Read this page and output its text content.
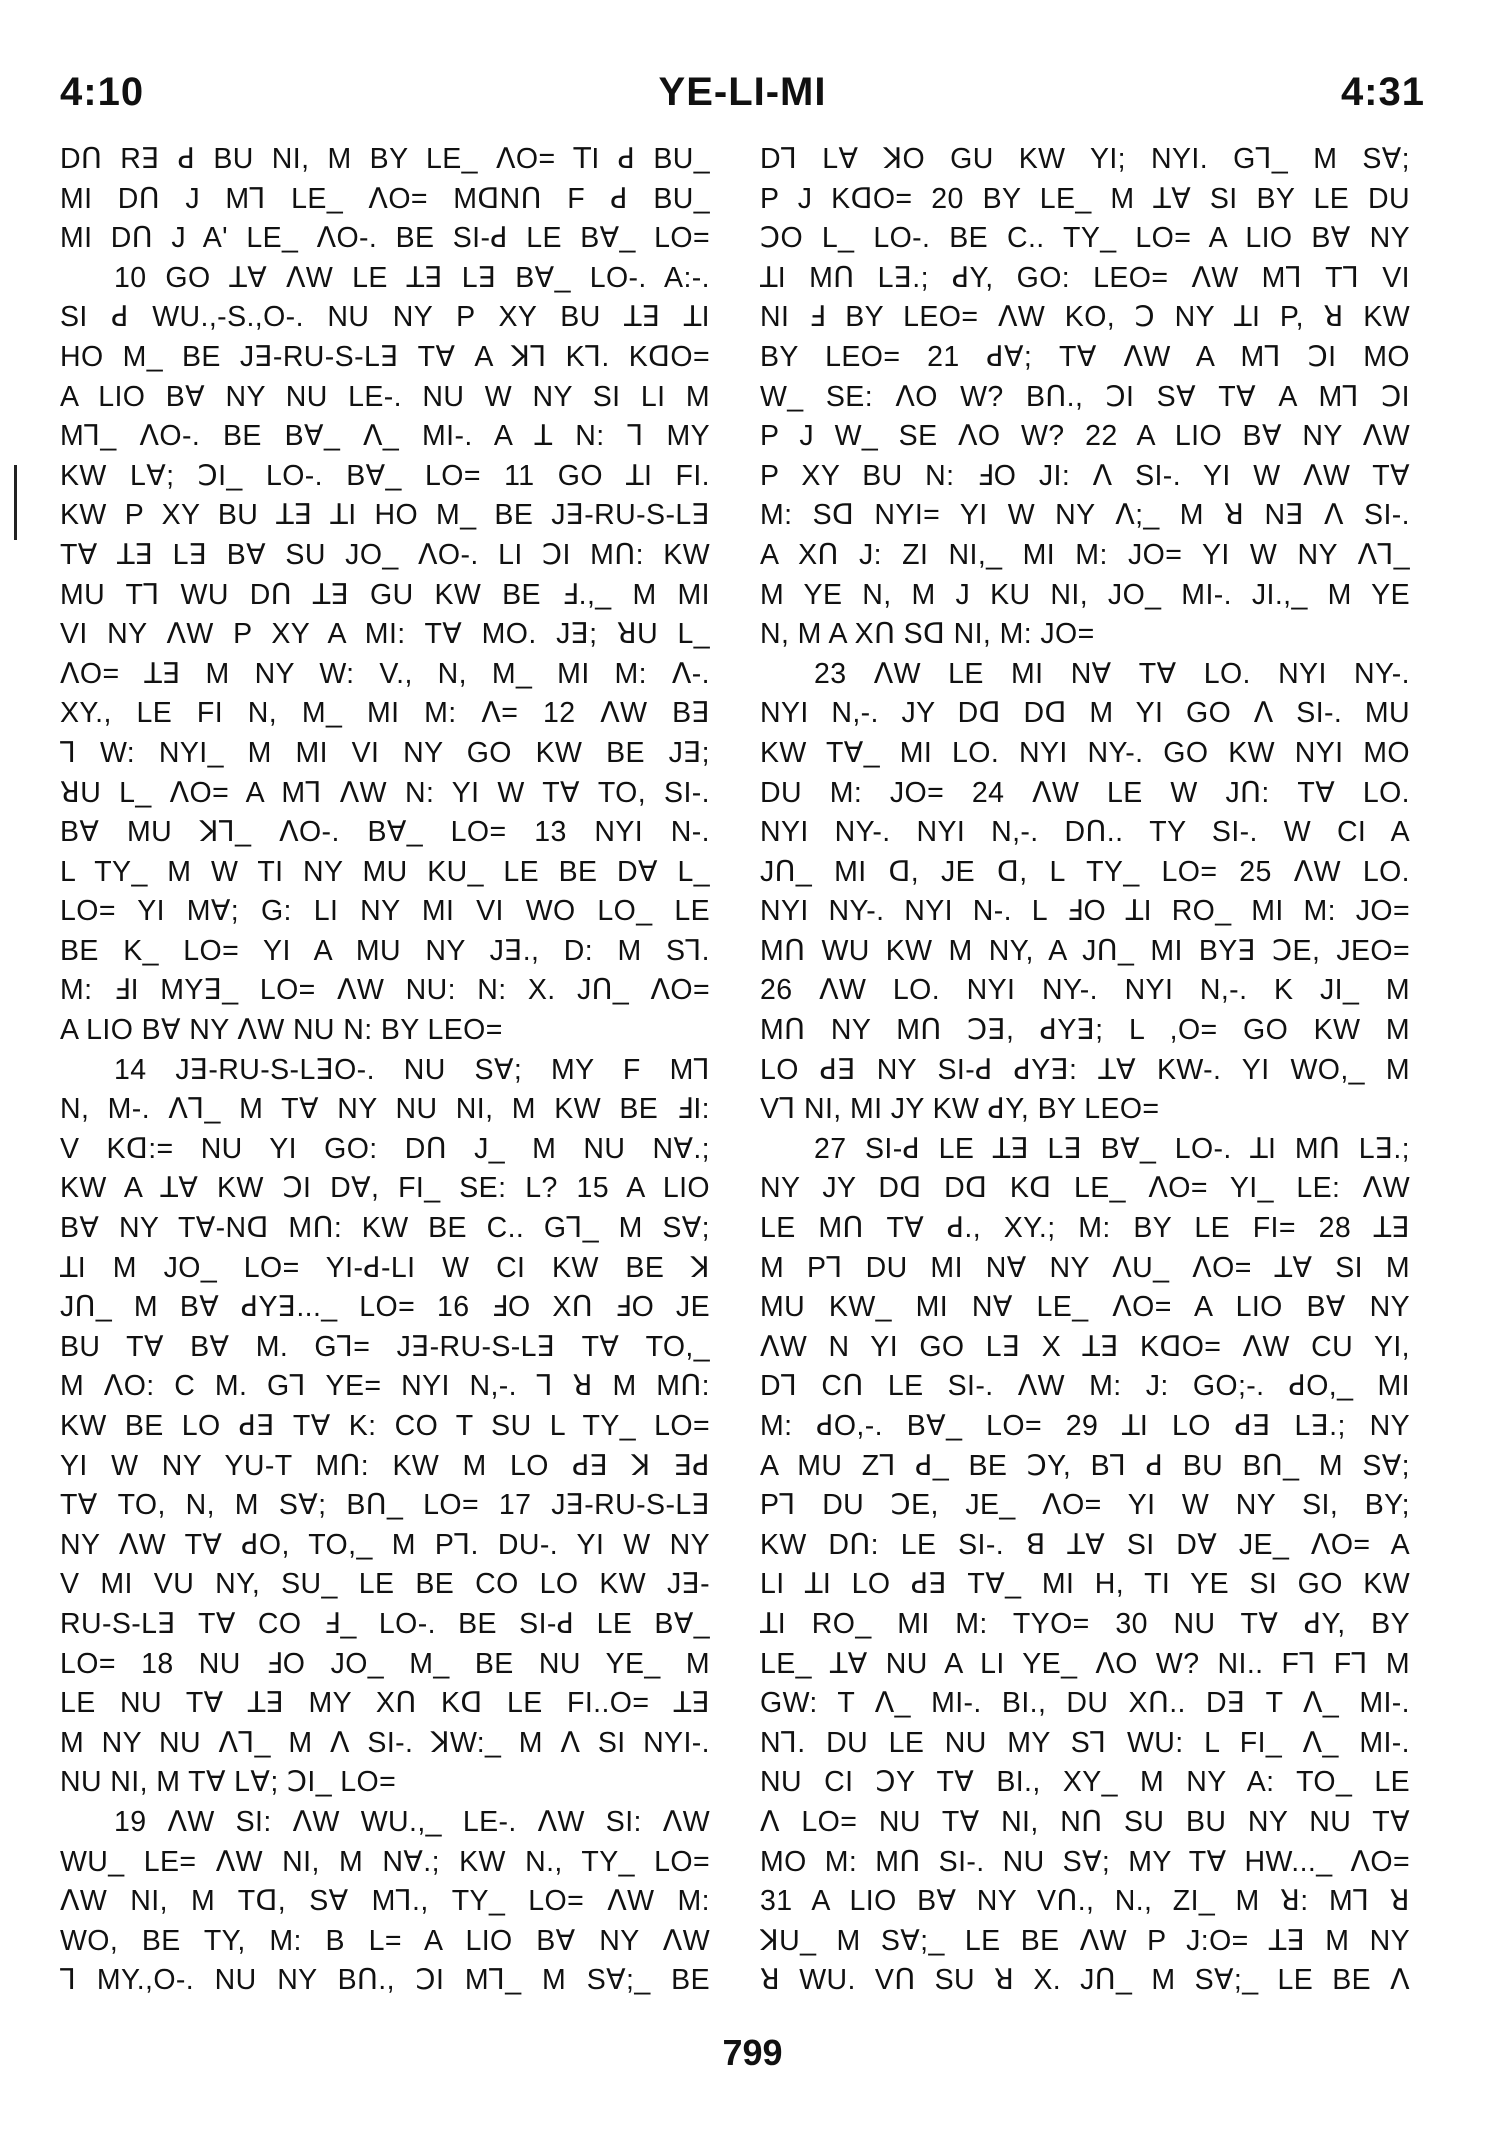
4:10	YE-LI-MI	4:31
Dꓵ Rꓱ ꓒ BU NI, M BY LE_ ꓥO= ꓔI ꓒ BU_
MI Dꓵ J Mꓶ LE_ ꓥO= MꓷNꓵ F ꓒ BU_
MI Dꓵ J A' LE_ ꓥO-. BE SI-ꓒ LE Bꓯ_ LO=
10 GO ꓕꓯ ꓥW LE ꓕꓱ Lꓱ Bꓯ_ LO-. A:-.
SI ꓒ WU.,-S.,O-. NU NY P XY BU ꓕꓱ ꓕI
HO M_ BE Jꓱ-RU-S-Lꓱ Tꓯ A ꓘꓶ Kꓶ. KꓷO=
A LIO Bꓯ NY NU LE-. NU W NY SI LI M
Mꓶ_ ꓥO-. BE Bꓯ_ ꓥ_ MI-. A ꓕ N: ꓶ MY
KW Lꓯ; ꓛI_ LO-. Bꓯ_ LO= 11 GO ꓕI FI.
KW P XY BU ꓕꓱ ꓕI HO M_ BE Jꓱ-RU-S-Lꓱ
Tꓯ ꓕꓱ Lꓱ Bꓯ SU JO_ ꓥO-. LI ꓛI Mꓵ: KW
MU Tꓶ WU Dꓵ ꓕꓱ GU KW BE ꓞ.,_ M MI
VI NY ꓥW P XY A MI: Tꓯ MO. Jꓱ; ꓤU L_
ꓥO= ꓕꓱ M NY W: V., N, M_ MI M: ꓥ-.
XY., LE FI N, M_ MI M: ꓥ= 12 ꓥW Bꓱ
ꓶ W: NYI_ M MI VI NY GO KW BE Jꓱ;
ꓤU L_ ꓥO= A Mꓶ ꓥW N: YI W Tꓯ TO, SI-.
Bꓯ MU ꓘꓶ_ ꓥO-. Bꓯ_ LO= 13 NYI N-.
L TY_ M W TI NY MU KU_ LE BE Dꓯ L_
LO= YI Mꓯ; G: LI NY MI VI WO LO_ LE
BE K_ LO= YI A MU NY Jꓱ., D: M Sꓶ.
M: ꓞI MYꓱ_ LO= ꓥW NU: N: X. Jꓵ_ ꓥO=
A LIO Bꓯ NY ꓥW NU N: BY LEO=
14 Jꓱ-RU-S-LꓱO-. NU Sꓯ; MY F Mꓶ
N, M-. ꓥꓶ_ M Tꓯ NY NU NI, M KW BE ꓞI:
V Kꓷ:= NU YI GO: Dꓵ J_ M NU Nꓯ.;
KW A ꓕꓯ KW ꓛI Dꓯ, FI_ SE: L? 15 A LIO
Bꓯ NY Tꓯ-Nꓷ Mꓵ: KW BE C.. Gꓶ_ M Sꓯ;
ꓕI M JO_ LO= YI-ꓒ-LI W CI KW BE ꓘ
Jꓵ_ M Bꓯ ꓒYꓱ..._ LO= 16 ꓞO Xꓵ ꓞO JE
BU Tꓯ Bꓯ M. Gꓶ= Jꓱ-RU-S-Lꓱ Tꓯ TO,_
M ꓥO: C M. Gꓶ YE= NYI N,-. ꓶ ꓤ M Mꓵ:
KW BE LO ꓒꓱ Tꓯ K: CO T SU L TY_ LO=
YI W NY YU-T Mꓵ: KW M LO ꓒꓱ ꓘ ꓱꓒ
Tꓯ TO, N, M Sꓯ; Bꓵ_ LO= 17 Jꓱ-RU-S-Lꓱ
NY ꓥW Tꓯ ꓒO, TO,_ M Pꓶ. DU-. YI W NY
V MI VU NY, SU_ LE BE CO LO KW Jꓱ-
RU-S-Lꓱ Tꓯ CO ꓞ_ LO-. BE SI-ꓒ LE Bꓯ_
LO= 18 NU ꓞO JO_ M_ BE NU YE_ M
LE NU Tꓯ ꓕꓱ MY Xꓵ Kꓷ LE FI..O= ꓕꓱ
M NY NU ꓥꓶ_ M ꓥ SI-. ꓘW:_ M ꓥ SI NYI-.
NU NI, M Tꓯ Lꓯ; ꓛI_ LO=
19 ꓥW SI: ꓥW WU.,_ LE-. ꓥW SI: ꓥW
WU_ LE= ꓥW NI, M Nꓯ.; KW N., TY_ LO=
ꓥW NI, M Tꓷ, Sꓯ Mꓶ., TY_ LO= ꓥW M:
WO, BE TY, M: B L= A LIO Bꓯ NY ꓥW
ꓶ MY.,O-. NU NY Bꓵ., ꓛI Mꓶ_ M Sꓯ;_ BE
Dꓶ Lꓯ ꓘO GU KW YI; NYI. Gꓶ_ M Sꓯ;
P J KꓷO= 20 BY LE_ M ꓕꓯ SI BY LE DU
ꓛO L_ LO-. BE C.. TY_ LO= A LIO Bꓯ NY
ꓕI Mꓵ Lꓱ.; ꓒY, GO: LEO= ꓥW Mꓶ Tꓶ VI
NI ꓞ BY LEO= ꓥW KO, ꓛ NY ꓕI P, ꓤ KW
BY LEO= 21 ꓒꓯ; Tꓯ ꓥW A Mꓶ ꓛI MO
W_ SE: ꓥO W? Bꓵ., ꓛI Sꓯ Tꓯ A Mꓶ ꓛI
P J W_ SE ꓥO W? 22 A LIO Bꓯ NY ꓥW
P XY BU N: ꓞO JI: ꓥ SI-. YI W ꓥW Tꓯ
M: Sꓷ NYI= YI W NY ꓥ;_ M ꓤ Nꓱ ꓥ SI-.
A Xꓵ J: ZI NI,_ MI M: JO= YI W NY ꓥꓶ_
M YE N, M J KU NI, JO_ MI-. JI.,_ M YE
N, M A Xꓵ Sꓷ NI, M: JO=
23 ꓥW LE MI Nꓯ Tꓯ LO. NYI NY-.
NYI N,-. JY Dꓷ Dꓷ M YI GO ꓥ SI-. MU
KW Tꓯ_ MI LO. NYI NY-. GO KW NYI MO
DU M: JO= 24 ꓥW LE W Jꓵ: Tꓯ LO.
NYI NY-. NYI N,-. Dꓵ.. TY SI-. W CI A
Jꓵ_ MI ꓷ, JE ꓷ, L TY_ LO= 25 ꓥW LO.
NYI NY-. NYI N-. L ꓞO ꓕI RO_ MI M: JO=
Mꓵ WU KW M NY, A Jꓵ_ MI BYꓱ ꓛE, JEO=
26 ꓥW LO. NYI NY-. NYI N,-. K JI_ M
Mꓵ NY Mꓵ ꓛꓱ, ꓒYꓱ; L ,O= GO KW M
LO ꓒꓱ NY SI-ꓒ ꓒYꓱ: ꓕꓯ KW-. YI WO,_ M
Vꓶ NI, MI JY KW ꓒY, BY LEO=
27 SI-ꓒ LE ꓕꓱ Lꓱ Bꓯ_ LO-. ꓕI Mꓵ Lꓱ.;
NY JY Dꓷ Dꓷ Kꓷ LE_ ꓥO= YI_ LE: ꓥW
LE Mꓵ Tꓯ ꓒ., XY.; M: BY LE FI= 28 ꓕꓱ
M Pꓶ DU MI Nꓯ NY ꓥU_ ꓥO= ꓕꓯ SI M
MU KW_ MI Nꓯ LE_ ꓥO= A LIO Bꓯ NY
ꓥW N YI GO Lꓱ X ꓕꓱ KꓷO= ꓥW CU YI,
Dꓶ Cꓵ LE SI-. ꓥW M: J: GO;-. ꓒO,_ MI
M: ꓒO,-. Bꓯ_ LO= 29 ꓕI LO ꓒꓱ Lꓱ.; NY
A MU Zꓶ ꓒ_ BE ꓛY, Bꓶ ꓒ BU Bꓵ_ M Sꓯ;
Pꓶ DU ꓛE, JE_ ꓥO= YI W NY SI, BY;
KW Dꓵ: LE SI-. ꓭ ꓕꓯ SI Dꓯ JE_ ꓥO= A
LI ꓕI LO ꓒꓱ Tꓯ_ MI H, TI YE SI GO KW
ꓕI RO_ MI M: TYO= 30 NU Tꓯ ꓒY, BY
LE_ ꓕꓯ NU A LI YE_ ꓥO W? NI.. Fꓶ Fꓶ M
GW: T ꓥ_ MI-. BI., DU Xꓵ.. Dꓱ T ꓥ_ MI-.
Nꓶ. DU LE NU MY Sꓶ WU: L FI_ ꓥ_ MI-.
NU CI ꓛY Tꓯ BI., XY_ M NY A: TO_ LE
ꓥ LO= NU Tꓯ NI, Nꓵ SU BU NY NU Tꓯ
MO M: Mꓵ SI-. NU Sꓯ; MY Tꓯ HW..._ ꓥO=
31 A LIO Bꓯ NY Vꓵ., N., ZI_ M ꓤ: Mꓶ ꓤ
ꓘU_ M Sꓯ;_ LE BE ꓥW P J:O= ꓕꓱ M NY
ꓤ WU. Vꓵ SU ꓤ X. Jꓵ_ M Sꓯ;_ LE BE ꓥ
799
